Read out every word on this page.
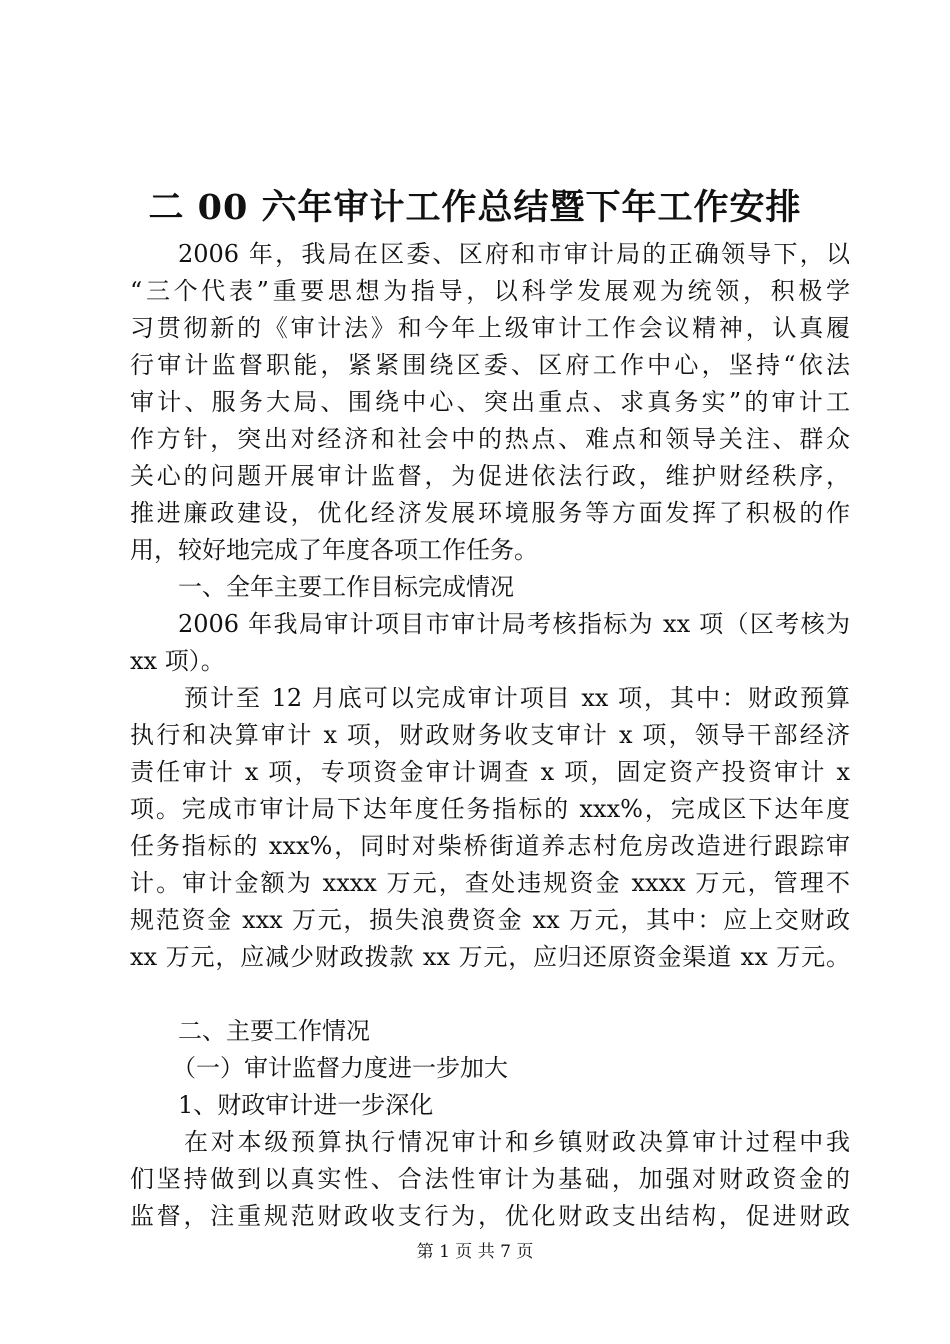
二 00 六年审计工作总结暨下年工作安排

2006 年，我局在区委、区府和市审计局的正确领导下，以

“三个代表”重要思想为指导，以科学发展观为统领，积极学

习贯彻新的《审计法》和今年上级审计工作会议精神，认真履

行审计监督职能，紧紧围绕区委、区府工作中心，坚持“依法

审计、服务大局、围绕中心、突出重点、求真务实”的审计工

作方针，突出对经济和社会中的热点、难点和领导关注、群众

关心的问题开展审计监督，为促进依法行政，维护财经秩序，

推进廉政建设，优化经济发展环境服务等方面发挥了积极的作

用，较好地完成了年度各项工作任务。

一、全年主要工作目标完成情况

2006 年我局审计项目市审计局考核指标为 xx 项（区考核为

xx 项）。

预计至 12 月底可以完成审计项目 xx 项，其中：财政预算

执行和决算审计 x 项，财政财务收支审计 x 项，领导干部经济

责任审计 x 项，专项资金审计调查 x 项，固定资产投资审计 x

项。完成市审计局下达年度任务指标的 xxx%，完成区下达年度

任务指标的 xxx%，同时对柴桥街道养志村危房改造进行跟踪审

计。审计金额为 xxxx 万元，查处违规资金 xxxx 万元，管理不

规范资金 xxx 万元，损失浪费资金 xx 万元，其中：应上交财政

xx 万元，应减少财政拨款 xx 万元，应归还原资金渠道 xx 万元。

二、主要工作情况

（一）审计监督力度进一步加大

1、财政审计进一步深化

在对本级预算执行情况审计和乡镇财政决算审计过程中我

们坚持做到以真实性、合法性审计为基础，加强对财政资金的

监督，注重规范财政收支行为，优化财政支出结构，促进财政

第 1 页 共 7 页
